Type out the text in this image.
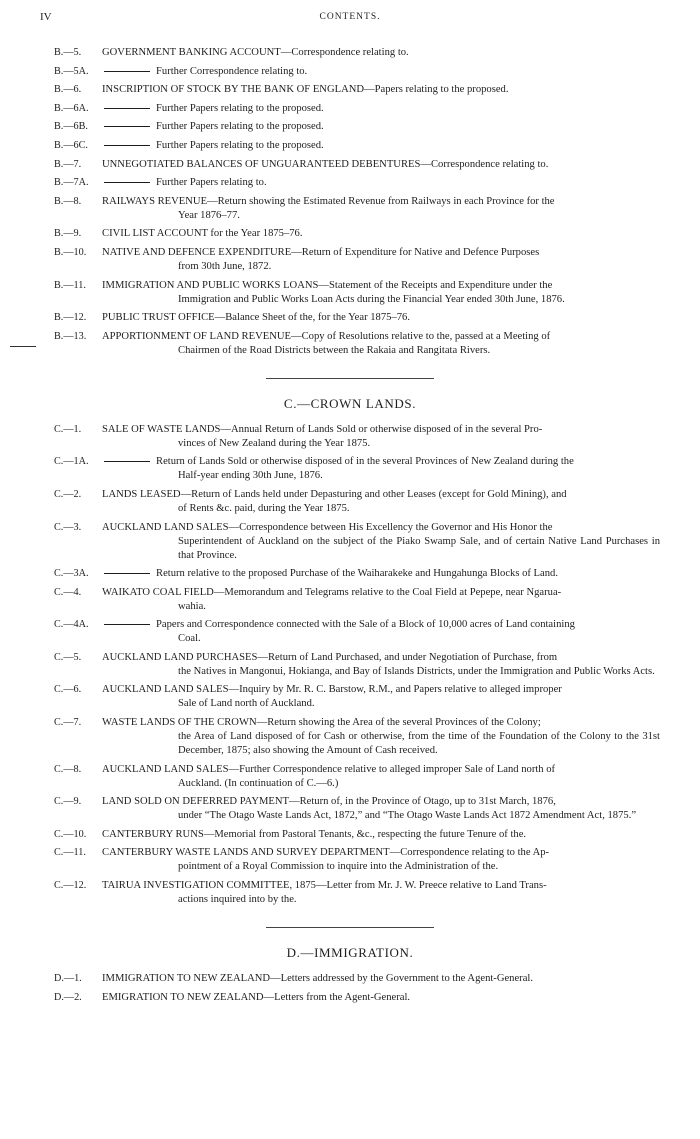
IV	CONTENTS.
B.—5.	GOVERNMENT BANKING ACCOUNT—Correspondence relating to.
B.—5A.	Further Correspondence relating to.
B.—6.	INSCRIPTION OF STOCK BY THE BANK OF ENGLAND—Papers relating to the proposed.
B.—6A.	Further Papers relating to the proposed.
B.—6B.	Further Papers relating to the proposed.
B.—6C.	Further Papers relating to the proposed.
B.—7.	UNNEGOTIATED BALANCES OF UNGUARANTEED DEBENTURES—Correspondence relating to.
B.—7A.	Further Papers relating to.
B.—8.	RAILWAYS REVENUE—Return showing the Estimated Revenue from Railways in each Province for the
Year 1876–77.
B.—9.	CIVIL LIST ACCOUNT for the Year 1875–76.
B.—10.	NATIVE AND DEFENCE EXPENDITURE—Return of Expenditure for Native and Defence Purposes
from 30th June, 1872.
B.—11.	IMMIGRATION AND PUBLIC WORKS LOANS—Statement of the Receipts and Expenditure under the
Immigration and Public Works Loan Acts during the Financial Year ended 30th June, 1876.
B.—12.	PUBLIC TRUST OFFICE—Balance Sheet of the, for the Year 1875–76.
B.—13.	APPORTIONMENT OF LAND REVENUE—Copy of Resolutions relative to the, passed at a Meeting of
Chairmen of the Road Districts between the Rakaia and Rangitata Rivers.
C.—CROWN LANDS.
C.—1.	SALE OF WASTE LANDS—Annual Return of Lands Sold or otherwise disposed of in the several Pro-
vinces of New Zealand during the Year 1875.
C.—1A.	Return of Lands Sold or otherwise disposed of in the several Provinces of New Zealand during the
Half-year ending 30th June, 1876.
C.—2.	LANDS LEASED—Return of Lands held under Depasturing and other Leases (except for Gold Mining), and
of Rents &c. paid, during the Year 1875.
C.—3.	AUCKLAND LAND SALES—Correspondence between His Excellency the Governor and His Honor the
Superintendent of Auckland on the subject of the Piako Swamp Sale, and of certain Native Land Purchases in that Province.
C.—3A.	Return relative to the proposed Purchase of the Waiharakeke and Hungahunga Blocks of Land.
C.—4.	WAIKATO COAL FIELD—Memorandum and Telegrams relative to the Coal Field at Pepepe, near Ngarua-
wahia.
C.—4A.	Papers and Correspondence connected with the Sale of a Block of 10,000 acres of Land containing
Coal.
C.—5.	AUCKLAND LAND PURCHASES—Return of Land Purchased, and under Negotiation of Purchase, from
the Natives in Mangonui, Hokianga, and Bay of Islands Districts, under the Immigration and Public Works Acts.
C.—6.	AUCKLAND LAND SALES—Inquiry by Mr. R. C. Barstow, R.M., and Papers relative to alleged improper
Sale of Land north of Auckland.
C.—7.	WASTE LANDS OF THE CROWN—Return showing the Area of the several Provinces of the Colony;
the Area of Land disposed of for Cash or otherwise, from the time of the Foundation of the Colony to the 31st December, 1875; also showing the Amount of Cash received.
C.—8.	AUCKLAND LAND SALES—Further Correspondence relative to alleged improper Sale of Land north of
Auckland. (In continuation of C.—6.)
C.—9.	LAND SOLD ON DEFERRED PAYMENT—Return of, in the Province of Otago, up to 31st March, 1876,
under “The Otago Waste Lands Act, 1872,” and “The Otago Waste Lands Act 1872 Amendment Act, 1875.”
C.—10.	CANTERBURY RUNS—Memorial from Pastoral Tenants, &c., respecting the future Tenure of the.
C.—11.	CANTERBURY WASTE LANDS AND SURVEY DEPARTMENT—Correspondence relating to the Ap-
pointment of a Royal Commission to inquire into the Administration of the.
C.—12.	TAIRUA INVESTIGATION COMMITTEE, 1875—Letter from Mr. J. W. Preece relative to Land Trans-
actions inquired into by the.
D.—IMMIGRATION.
D.—1.	IMMIGRATION TO NEW ZEALAND—Letters addressed by the Government to the Agent-General.
D.—2.	EMIGRATION TO NEW ZEALAND—Letters from the Agent-General.
